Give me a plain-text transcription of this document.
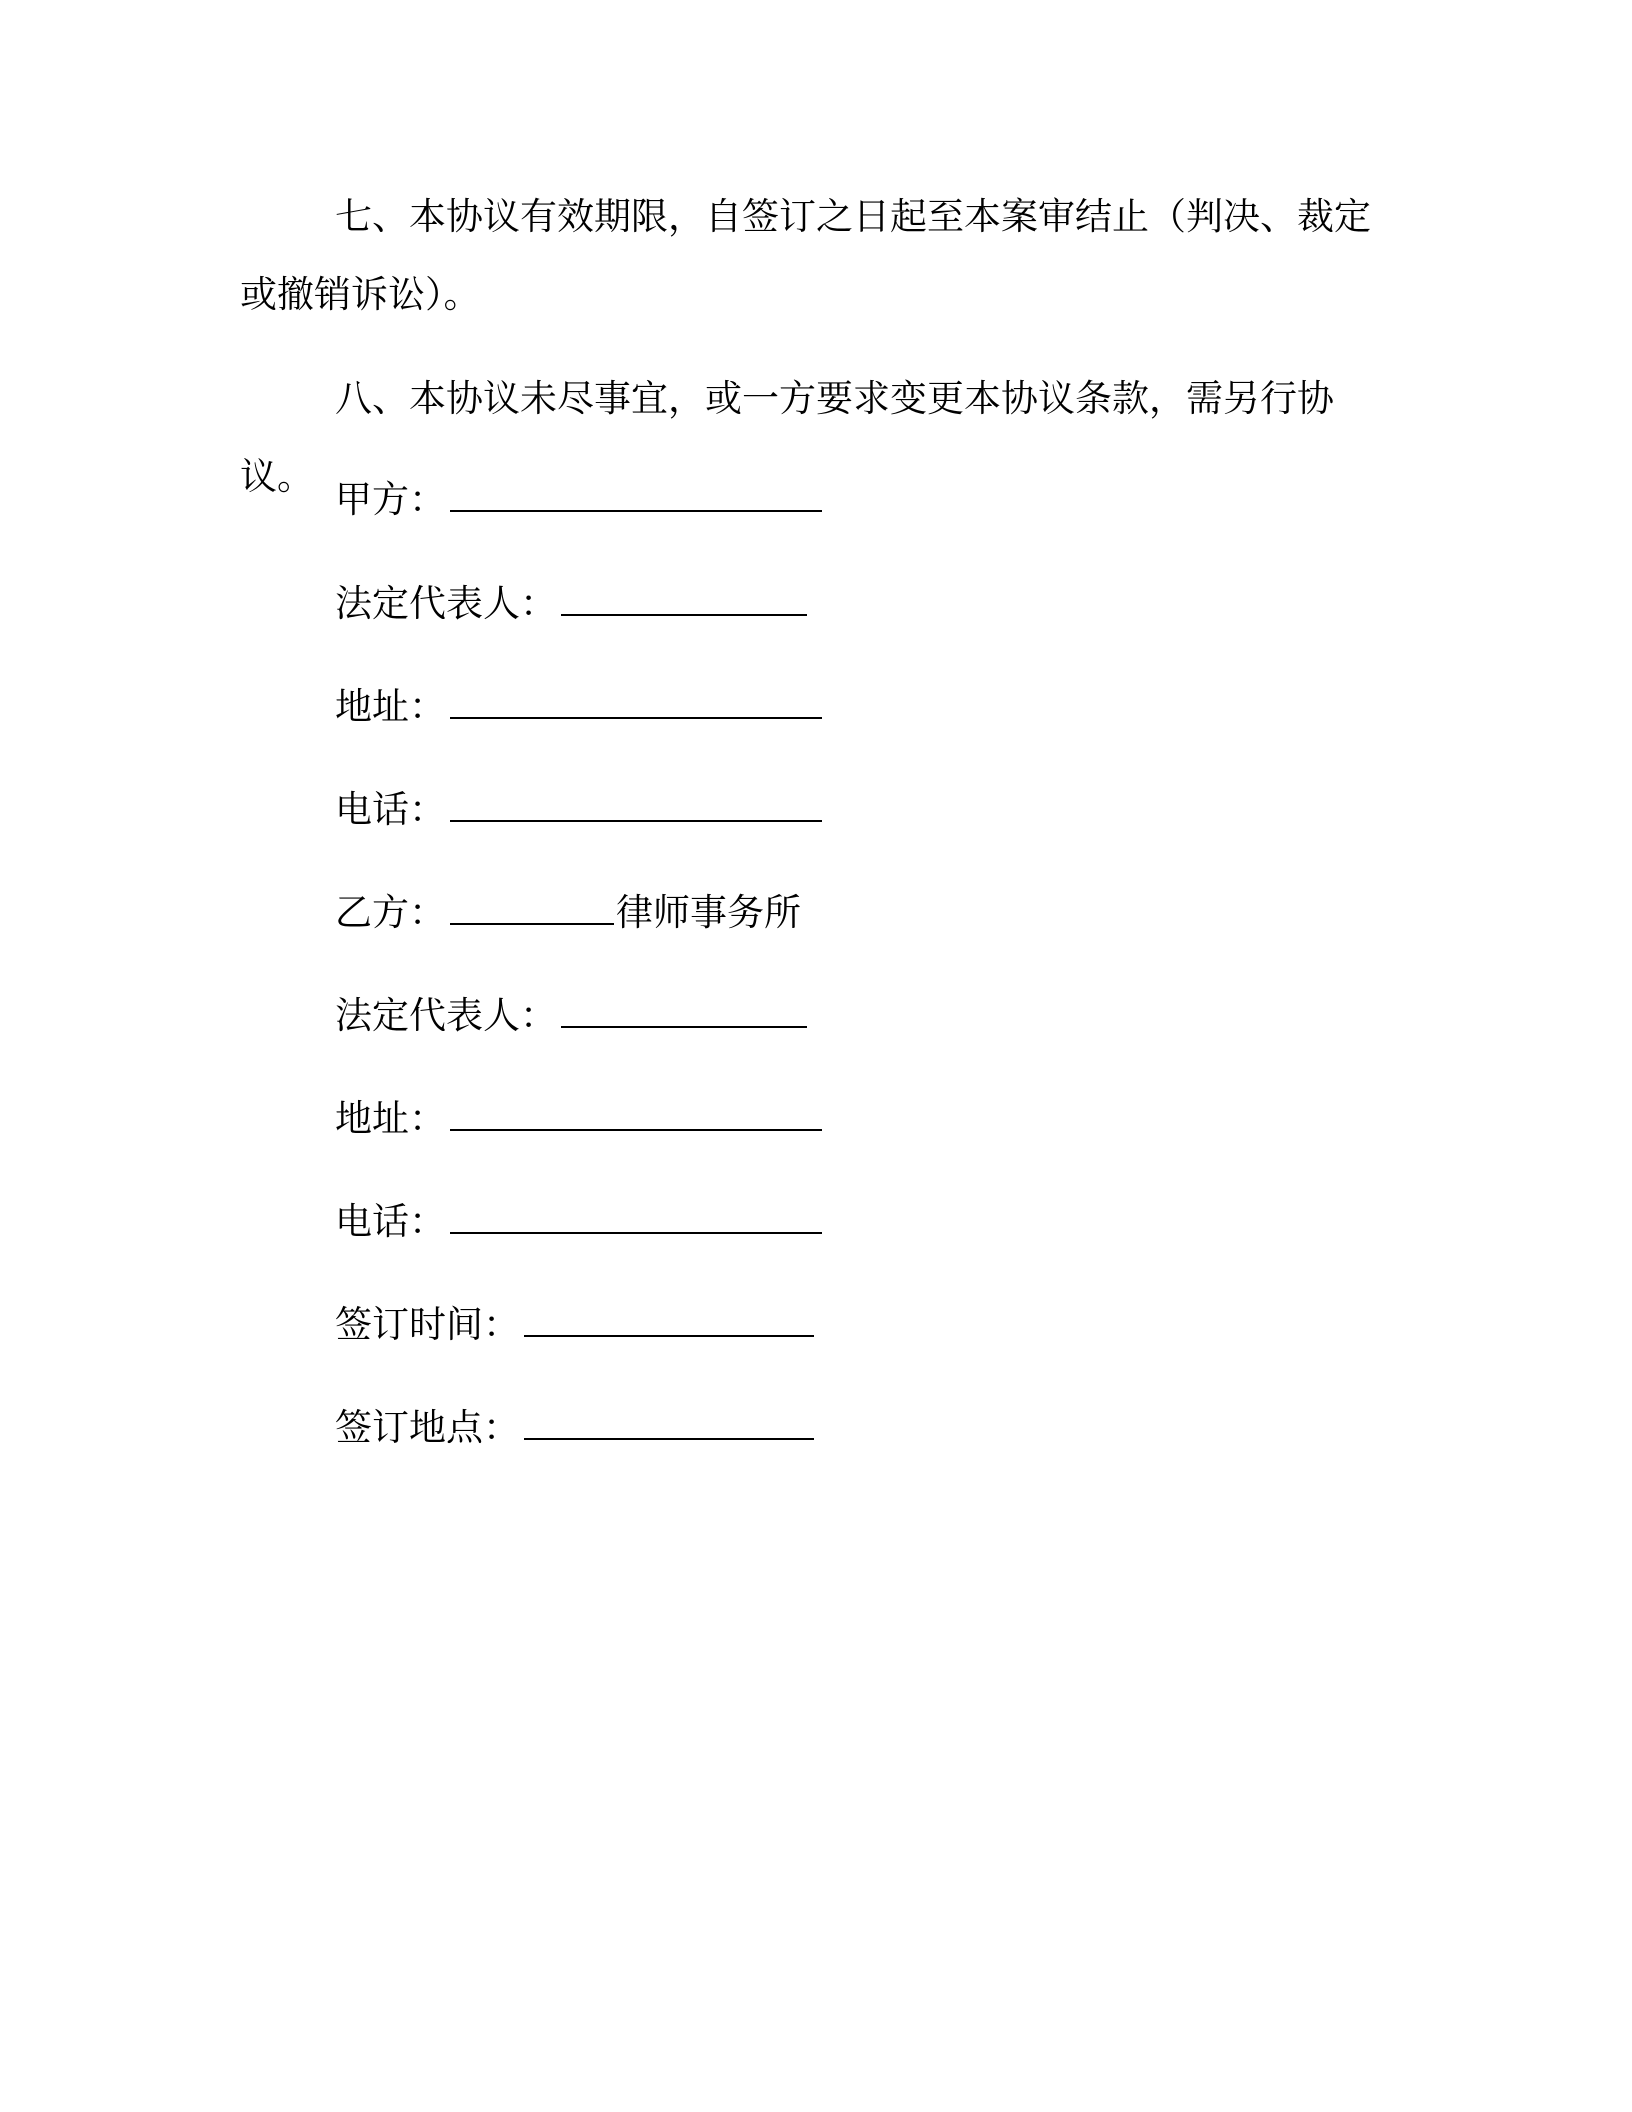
七、本协议有效期限，自签订之日起至本案审结止（判决、裁定或撤销诉讼）。

八、本协议未尽事宜，或一方要求变更本协议条款，需另行协议。

甲方：
法定代表人：
地址：
电话：
乙方：	律师事务所
法定代表人：
地址：
电话：
签订时间：
签订地点：
